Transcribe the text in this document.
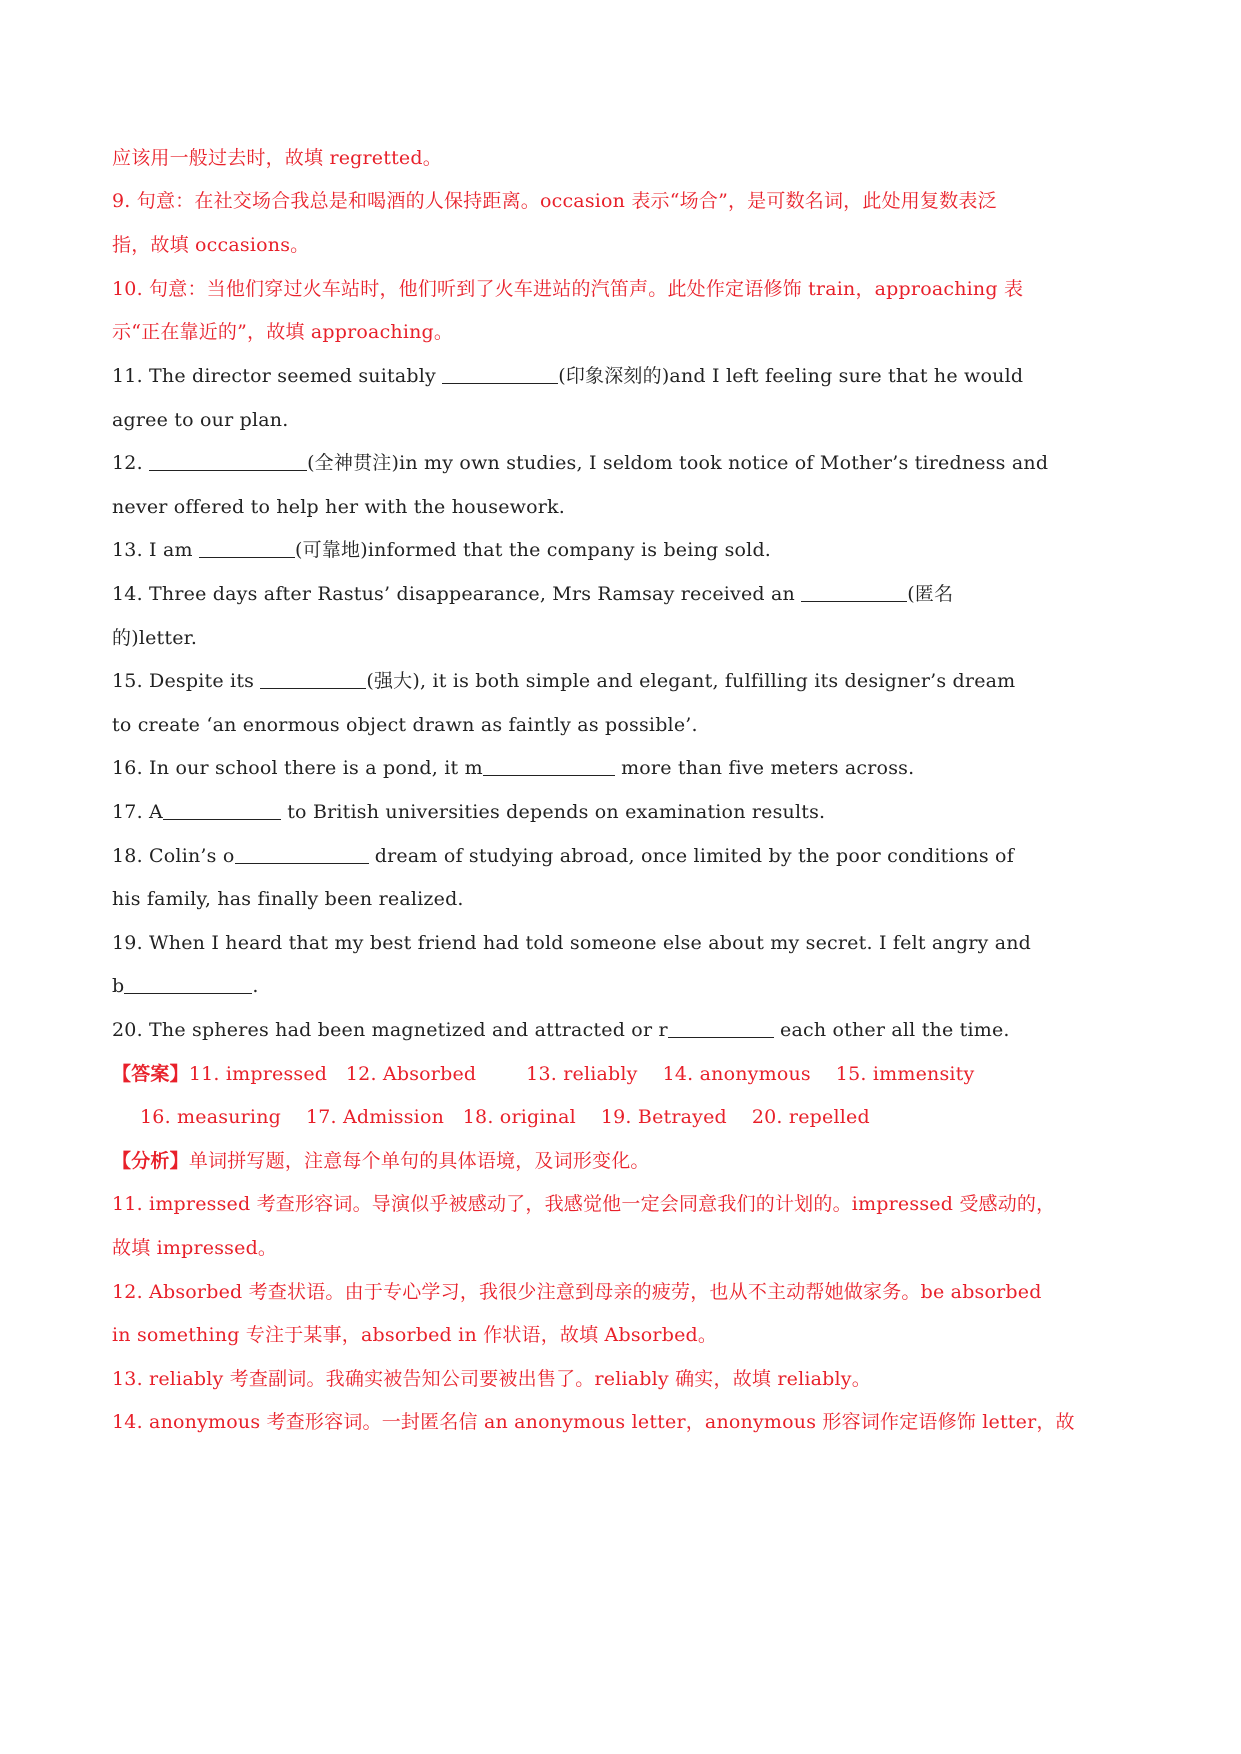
应该用一般过去时，故填 regretted。
9. 句意：在社交场合我总是和喝酒的人保持距离。occasion 表示“场合”，是可数名词，此处用复数表泛
指，故填 occasions。
10. 句意：当他们穿过火车站时，他们听到了火车进站的汽笛声。此处作定语修饰 train，approaching 表
示“正在靠近的”，故填 approaching。
11. The director seemed suitably	(印象深刻的)and I left feeling sure that he would
agree to our plan.
12.	(全神贯注)in my own studies, I seldom took notice of Mother’s tiredness and
never offered to help her with the housework.
13. I am	(可靠地)informed that the company is being sold.
14. Three days after Rastus’ disappearance, Mrs Ramsay received an	(匿名
的)letter.
15. Despite its	(强大), it is both simple and elegant, fulfilling its designer’s dream
to create ‘an enormous object drawn as faintly as possible’.
16. In our school there is a pond, it m	more than five meters across.
17. A	to British universities depends on examination results.
18. Colin’s o	dream of studying abroad, once limited by the poor conditions of
his family, has finally been realized.
19. When I heard that my best friend had told someone else about my secret. I felt angry and
b	.
20. The spheres had been magnetized and attracted or r	each other all the time.
【答案】11. impressed   12. Absorbed        13. reliably    14. anonymous    15. immensity
16. measuring    17. Admission   18. original    19. Betrayed    20. repelled
【分析】单词拼写题，注意每个单句的具体语境，及词形变化。
11. impressed 考查形容词。导演似乎被感动了，我感觉他一定会同意我们的计划的。impressed 受感动的，
故填 impressed。
12. Absorbed 考查状语。由于专心学习，我很少注意到母亲的疲劳，也从不主动帮她做家务。be absorbed
in something 专注于某事，absorbed in 作状语，故填 Absorbed。
13. reliably 考查副词。我确实被告知公司要被出售了。reliably 确实，故填 reliably。
14. anonymous 考查形容词。一封匿名信 an anonymous letter，anonymous 形容词作定语修饰 letter，故
